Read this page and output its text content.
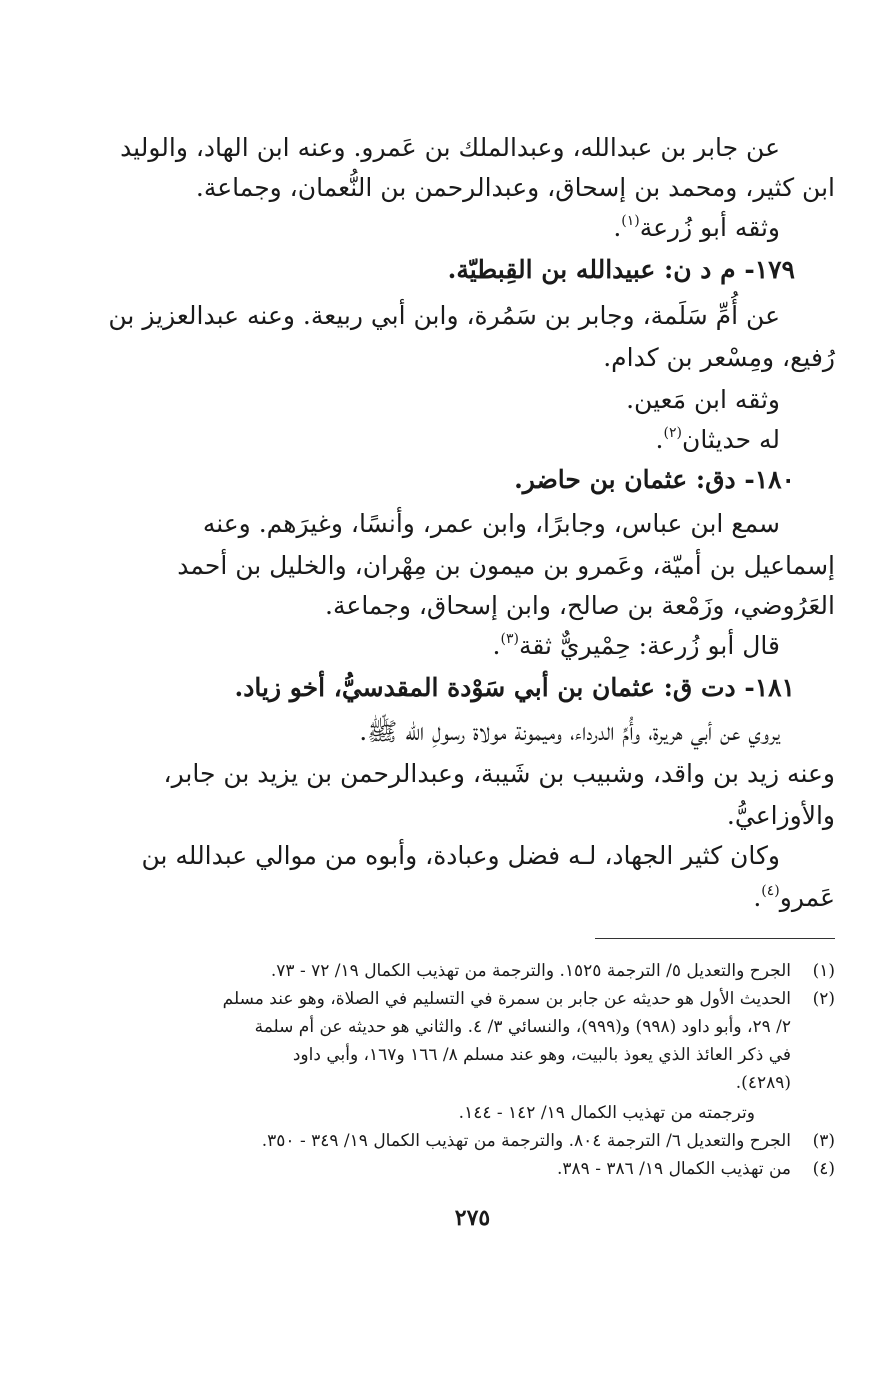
عن جابر بن عبدالله، وعبدالملك بن عَمرو. وعنه ابن الهاد، والوليد
ابن كثير، ومحمد بن إسحاق، وعبدالرحمن بن النُّعمان، وجماعة.
وثقه أبو زُرعة$^{(١)}$.
١٧٩- م د ن: عبيدالله بن القِبطيّة.
عن أُمِّ سَلَمة، وجابر بن سَمُرة، وابن أبي ربيعة. وعنه عبدالعزيز بن
رُفيع، ومِسْعر بن كدام.
وثقه ابن مَعين.
له حديثان$^{(٢)}$.
١٨٠- دق: عثمان بن حاضر.
سمع ابن عباس، وجابرًا، وابن عمر، وأنسًا، وغيرَهم. وعنه
إسماعيل بن أميّة، وعَمرو بن ميمون بن مِهْران، والخليل بن أحمد
العَرُوضي، وزَمْعة بن صالح، وابن إسحاق، وجماعة.
قال أبو زُرعة: حِمْيريٌّ ثقة$^{(٣)}$.
١٨١- دت ق: عثمان بن أبي سَوْدة المقدسيُّ، أخو زياد.
يروي عن أبي هريرة، وأُمِّ الدرداء، وميمونة مولاة رسولِ الله ﷺ.
وعنه زيد بن واقد، وشبيب بن شَيبة، وعبدالرحمن بن يزيد بن جابر،
والأوزاعيُّ.
وكان كثير الجهاد، لـه فضل وعبادة، وأبوه من موالي عبدالله بن
عَمرو$^{(٤)}$.
(١)الجرح والتعديل ٥/ الترجمة ١٥٢٥. والترجمة من تهذيب الكمال ١٩/ ٧٢ - ٧٣.
(٢)الحديث الأول هو حديثه عن جابر بن سمرة في التسليم في الصلاة، وهو عند مسلم
٢/ ٢٩، وأبو داود (٩٩٨) و(٩٩٩)، والنسائي ٣/ ٤. والثاني هو حديثه عن أم سلمة
في ذكر العائذ الذي يعوذ بالبيت، وهو عند مسلم ٨/ ١٦٦ و١٦٧، وأبي داود
(٤٢٨٩).
وترجمته من تهذيب الكمال ١٩/ ١٤٢ - ١٤٤.
(٣)الجرح والتعديل ٦/ الترجمة ٨٠٤. والترجمة من تهذيب الكمال ١٩/ ٣٤٩ - ٣٥٠.
(٤)من تهذيب الكمال ١٩/ ٣٨٦ - ٣٨٩.
٢٧٥
